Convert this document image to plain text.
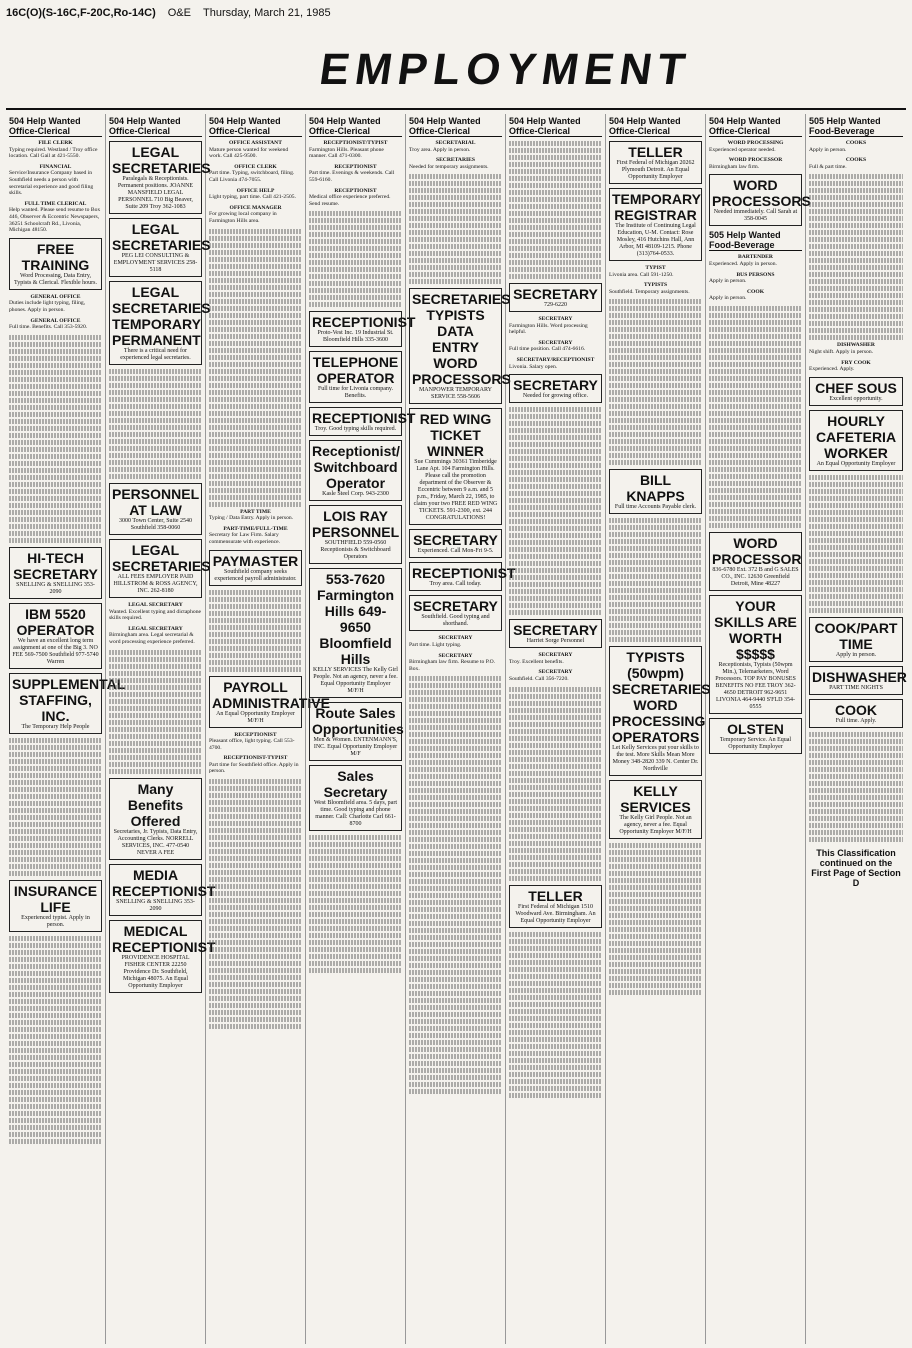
16C(O)(S-16C,F-20C,Ro-14C) O&E Thursday, March 21, 1985
EMPLOYMENT
504 Help Wanted Office-Clerical
FILE CLERK
Typing required. Westland / Troy office location. Call Gail at 421-5550.
FINANCIAL
Service/Insurance Company based in Southfield needs a person with secretarial experience and good filing skills.
FULL TIME CLERICAL
Help wanted. Please send resume to Box 446, Observer & Eccentric Newspapers, 36251 Schoolcraft Rd., Livonia, Michigan 48150.
FREE TRAINING
Word Processing, Data Entry, Typists & Clerical. Flexible hours.
GENERAL OFFICE
Duties include light typing, filing, phones. Apply in person.
GENERAL OFFICE
Full time. Benefits. Call 353-5920.
HI-TECH SECRETARY
SNELLING & SNELLING 353-2090
IBM 5520 OPERATOR
We have an excellent long term assignment at one of the Big 3. NO FEE 569-7500 Southfield 977-5740 Warren
SUPPLEMENTAL STAFFING, INC.
The Temporary Help People
INSURANCE LIFE
Experienced typist. Apply in person.
504 Help Wanted Office-Clerical
LEGAL SECRETARIES
Paralegals & Receptionists. Permanent positions. JOANNE MANSFIELD LEGAL PERSONNEL 710 Big Beaver, Suite 209 Troy 362-1083
LEGAL SECRETARIES
PEG LEI CONSULTING & EMPLOYMENT SERVICES 258-5118
LEGAL SECRETARIES TEMPORARY PERMANENT
There is a critical need for experienced legal secretaries.
PERSONNEL AT LAW
3000 Town Center, Suite 2540 Southfield 358-0060
LEGAL SECRETARIES
ALL FEES EMPLOYER PAID HILLSTROM & ROSS AGENCY, INC. 262-8180
LEGAL SECRETARY
Wanted. Excellent typing and dictaphone skills required.
LEGAL SECRETARY
Birmingham area. Legal secretarial & word processing experience preferred.
Many Benefits Offered
Secretaries, Jr. Typists, Data Entry, Accounting Clerks. NORRELL SERVICES, INC. 477-0540 NEVER A FEE
MEDIA RECEPTIONIST
SNELLING & SNELLING 353-2090
MEDICAL RECEPTIONIST
PROVIDENCE HOSPITAL FISHER CENTER 22250 Providence Dr. Southfield, Michigan 48075. An Equal Opportunity Employer
504 Help Wanted Office-Clerical
OFFICE ASSISTANT
Mature person wanted for weekend work. Call 425-9500.
OFFICE CLERK
Part time. Typing, switchboard, filing. Call Livonia 474-7055.
OFFICE HELP
Light typing, part time. Call 421-2505.
OFFICE MANAGER
For growing local company in Farmington Hills area.
PART TIME
Typing / Data Entry. Apply in person.
PART-TIME/FULL-TIME
Secretary for Law Firm. Salary commensurate with experience.
PAYMASTER
Southfield company seeks experienced payroll administrator.
PAYROLL ADMINISTRATIVE
An Equal Opportunity Employer M/F/H
RECEPTIONIST
Pleasant office, light typing. Call 553-4700.
RECEPTIONIST-TYPIST
Part time for Southfield office. Apply in person.
504 Help Wanted Office-Clerical
RECEPTIONIST/TYPIST
Farmington Hills. Pleasant phone manner. Call 471-0300.
RECEPTIONIST
Part time. Evenings & weekends. Call 559-6160.
RECEPTIONIST
Medical office experience preferred. Send resume.
RECEPTIONIST
Proto-Vest Inc. 19 Industrial St. Bloomfield Hills 335-3600
TELEPHONE OPERATOR
Full time for Livonia company. Benefits.
RECEPTIONIST
Troy. Good typing skills required.
Receptionist/ Switchboard Operator
Kasle Steel Corp. 943-2300
LOIS RAY PERSONNEL
SOUTHFIELD 559-0560 Receptionists & Switchboard Operators
553-7620 Farmington Hills 649-9650 Bloomfield Hills
KELLY SERVICES The Kelly Girl People. Not an agency, never a fee. Equal Opportunity Employer M/F/H
Route Sales Opportunities
Men & Women. ENTENMANN'S, INC. Equal Opportunity Employer M/F
Sales Secretary
West Bloomfield area. 5 days, part time. Good typing and phone manner. Call: Charlotte Carl 661-8700
504 Help Wanted Office-Clerical
SECRETARIAL
Troy area. Apply in person.
SECRETARIES
Needed for temporary assignments.
SECRETARIES TYPISTS DATA ENTRY WORD PROCESSORS
MANPOWER TEMPORARY SERVICE 558-5606
RED WING TICKET WINNER
Sue Cummings 30361 Timberidge Lane Apt. 104 Farmington Hills. Please call the promotion department of the Observer & Eccentric between 9 a.m. and 5 p.m., Friday, March 22, 1985, to claim your two FREE RED WING TICKETS. 591-2300, ext. 244 CONGRATULATIONS!
SECRETARY
Experienced. Call Mon-Fri 9-5.
RECEPTIONIST
Troy area. Call today.
SECRETARY
Southfield. Good typing and shorthand.
SECRETARY
Part time. Light typing.
SECRETARY
Birmingham law firm. Resume to P.O. Box.
504 Help Wanted Office-Clerical
SECRETARY
729-6220
SECRETARY
Farmington Hills. Word processing helpful.
SECRETARY
Full time position. Call 474-6616.
SECRETARY/RECEPTIONIST
Livonia. Salary open.
SECRETARY
Needed for growing office.
SECRETARY
Harriet Sorge Personnel
SECRETARY
Troy. Excellent benefits.
SECRETARY
Southfield. Call 356-7220.
TELLER
First Federal of Michigan 1510 Woodward Ave. Birmingham. An Equal Opportunity Employer
504 Help Wanted Office-Clerical
TELLER
First Federal of Michigan 20262 Plymouth Detroit. An Equal Opportunity Employer
TEMPORARY REGISTRAR
The Institute of Continuing Legal Education, U-M. Contact: Rose Mosley, 416 Hutchins Hall, Ann Arbor, MI 48109-1215. Phone (313)764-0533.
TYPIST
Livonia area. Call 591-1250.
TYPISTS
Southfield. Temporary assignments.
BILL KNAPPS
Full time Accounts Payable clerk.
TYPISTS (50wpm) SECRETARIES WORD PROCESSING OPERATORS
Let Kelly Services put your skills to the test. More Skills Mean More Money 348-2820 339 N. Center Dr. Northville
KELLY SERVICES
The Kelly Girl People. Not an agency, never a fee. Equal Opportunity Employer M/F/H
504 Help Wanted Office-Clerical
WORD PROCESSING
Experienced operator needed.
WORD PROCESSOR
Birmingham law firm.
WORD PROCESSORS
Needed immediately. Call Sarah at 358-0045
505 Help Wanted Food-Beverage
BARTENDER
Experienced. Apply in person.
BUS PERSONS
Apply in person.
COOK
Apply in person.
WORD PROCESSOR
836-6780 Ext. 372 B and G SALES CO., INC. 12630 Greenfield Detroit, Mine 48227
YOUR SKILLS ARE WORTH $$$$$
Receptionists, Typists (50wpm Min.), Telemarketers, Word Processors. TOP PAY BONUSES BENEFITS NO FEE TROY 362-4650 DETROIT 962-9651 LIVONIA 464-9440 S'FLD 354-0555
OLSTEN
Temporary Service. An Equal Opportunity Employer
505 Help Wanted Food-Beverage
COOKS
Apply in person.
COOKS
Full & part time.
DISHWASHER
Night shift. Apply in person.
FRY COOK
Experienced. Apply.
CHEF SOUS
Excellent opportunity.
HOURLY CAFETERIA WORKER
An Equal Opportunity Employer
COOK/PART TIME
Apply in person.
DISHWASHER
PART TIME NIGHTS
COOK
Full time. Apply.
This Classification continued on the First Page of Section D
